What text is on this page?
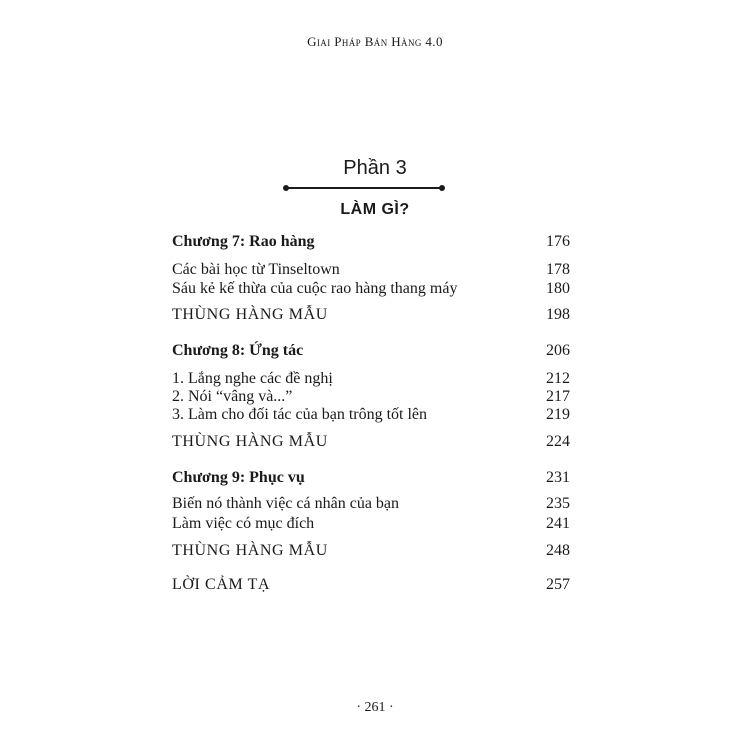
Giai Pháp Bán Hàng 4.0
Phần 3
LÀM GÌ?
Chương 7: Rao hàng	176
Các bài học từ Tinseltown	178
Sáu kẻ kế thừa của cuộc rao hàng thang máy	180
THÙNG HÀNG MẪU	198
Chương 8: Ứng tác	206
1. Lắng nghe các đề nghị	212
2. Nói “vâng và...”	217
3. Làm cho đối tác của bạn trông tốt lên	219
THÙNG HÀNG MẪU	224
Chương 9: Phục vụ	231
Biến nó thành việc cá nhân của bạn	235
Làm việc có mục đích	241
THÙNG HÀNG MẪU	248
LỜI CẢM TẠ	257
· 261 ·
